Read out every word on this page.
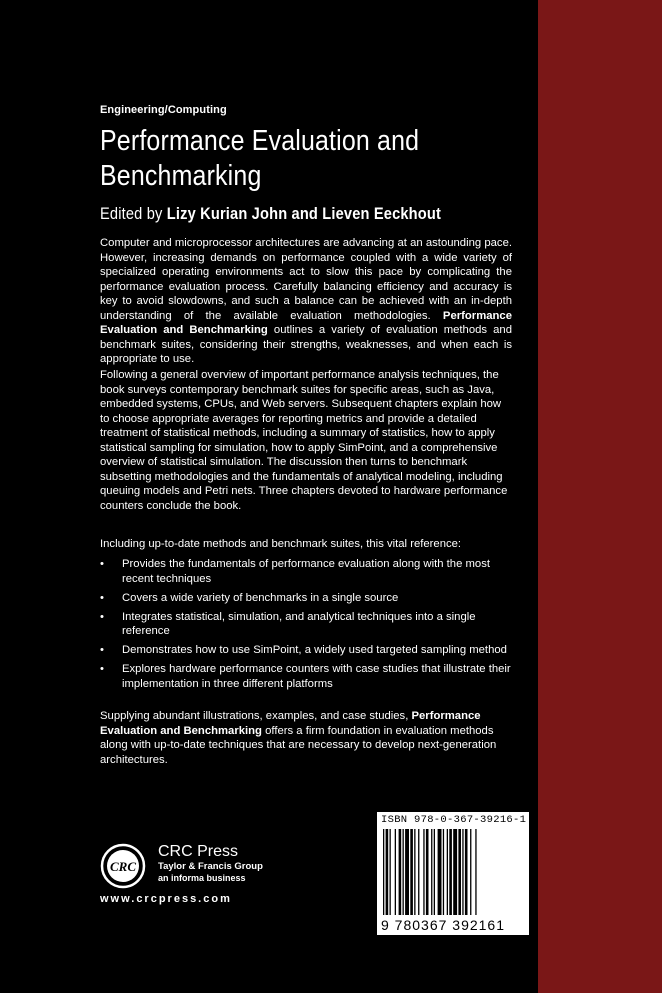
Engineering/Computing
Performance Evaluation and Benchmarking
Edited by Lizy Kurian John and Lieven Eeckhout
Computer and microprocessor architectures are advancing at an astounding pace. However, increasing demands on performance coupled with a wide variety of specialized operating environments act to slow this pace by complicating the performance evaluation process. Carefully balancing efficiency and accuracy is key to avoid slowdowns, and such a balance can be achieved with an in-depth understanding of the available evaluation methodologies. Performance Evaluation and Benchmarking outlines a variety of evaluation methods and benchmark suites, considering their strengths, weaknesses, and when each is appropriate to use.
Following a general overview of important performance analysis techniques, the book surveys contemporary benchmark suites for specific areas, such as Java, embedded systems, CPUs, and Web servers. Subsequent chapters explain how to choose appropriate averages for reporting metrics and provide a detailed treatment of statistical methods, including a summary of statistics, how to apply statistical sampling for simulation, how to apply SimPoint, and a comprehensive overview of statistical simulation. The discussion then turns to benchmark subsetting methodologies and the fundamentals of analytical modeling, including queuing models and Petri nets. Three chapters devoted to hardware performance counters conclude the book.
Including up-to-date methods and benchmark suites, this vital reference:
• Provides the fundamentals of performance evaluation along with the most recent techniques
• Covers a wide variety of benchmarks in a single source
• Integrates statistical, simulation, and analytical techniques into a single reference
• Demonstrates how to use SimPoint, a widely used targeted sampling method
• Explores hardware performance counters with case studies that illustrate their implementation in three different platforms
Supplying abundant illustrations, examples, and case studies, Performance Evaluation and Benchmarking offers a firm foundation in evaluation methods along with up-to-date techniques that are necessary to develop next-generation architectures.
CRC
CRC Press
Taylor & Francis Group
an informa business
www.crcpress.com
ISBN 978-0-367-39216-1
9 780367 392161
